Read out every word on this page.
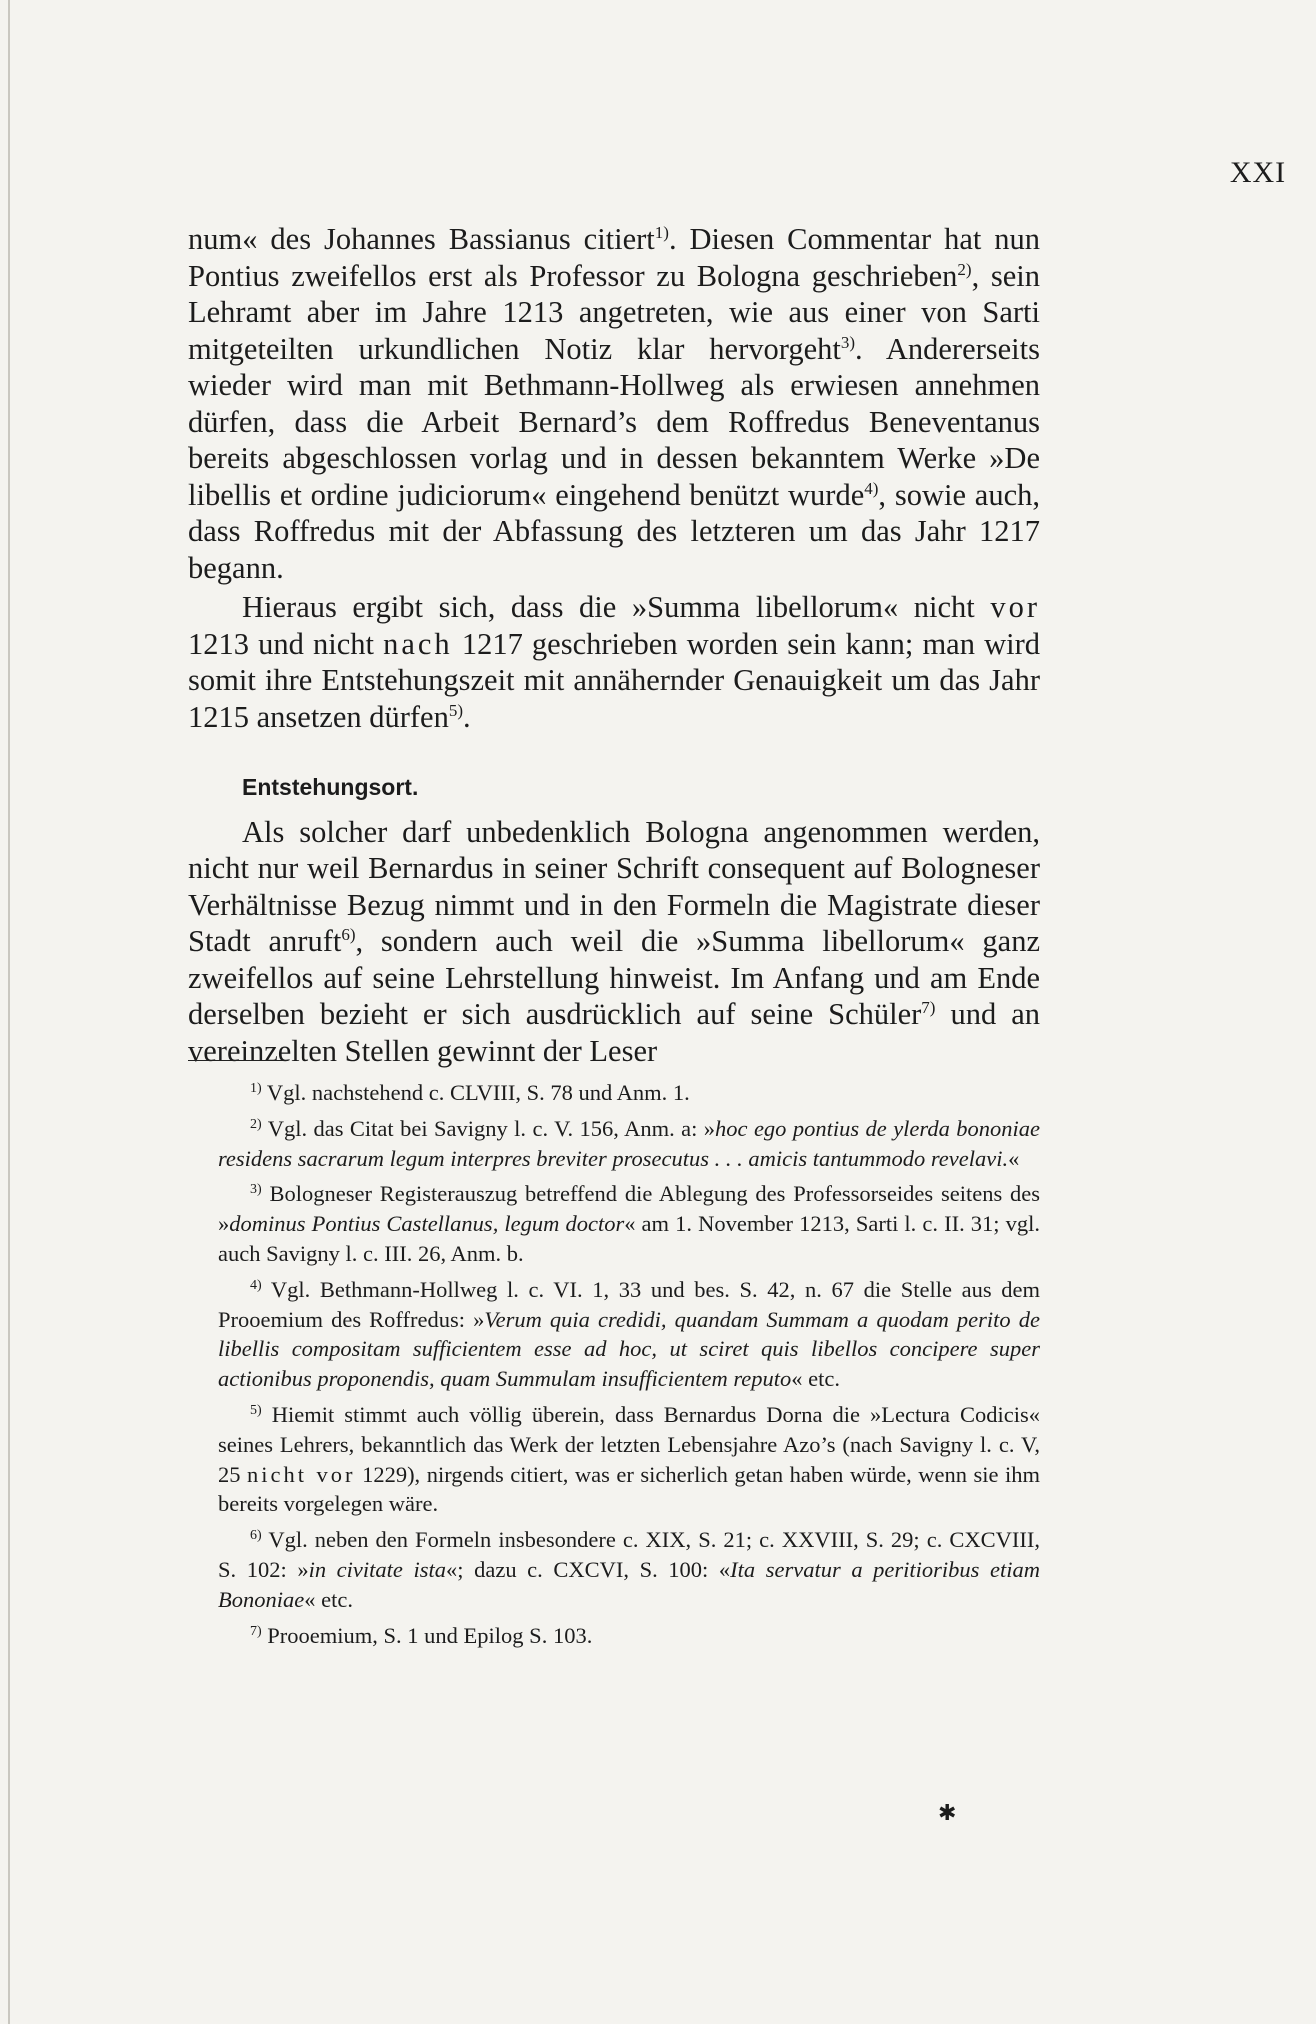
XXI

num« des Johannes Bassianus citiert$^{1)}$. Diesen Commentar hat nun Pontius zweifellos erst als Professor zu Bologna geschrieben$^{2)}$, sein Lehramt aber im Jahre 1213 angetreten, wie aus einer von Sarti mitgeteilten urkundlichen Notiz klar hervorgeht$^{3)}$. Andererseits wieder wird man mit Bethmann-Hollweg als erwiesen annehmen dürfen, dass die Arbeit Bernard’s dem Roffredus Beneventanus bereits abgeschlossen vorlag und in dessen bekanntem Werke »De libellis et ordine judiciorum« eingehend benützt wurde$^{4)}$, sowie auch, dass Roffredus mit der Abfassung des letzteren um das Jahr 1217 begann.

Hieraus ergibt sich, dass die »Summa libellorum« nicht vor 1213 und nicht nach 1217 geschrieben worden sein kann; man wird somit ihre Entstehungszeit mit annähernder Genauigkeit um das Jahr 1215 ansetzen dürfen$^{5)}$.

Entstehungsort.

Als solcher darf unbedenklich Bologna angenommen werden, nicht nur weil Bernardus in seiner Schrift consequent auf Bologneser Verhältnisse Bezug nimmt und in den Formeln die Magistrate dieser Stadt anruft$^{6)}$, sondern auch weil die »Summa libellorum« ganz zweifellos auf seine Lehrstellung hinweist. Im Anfang und am Ende derselben bezieht er sich ausdrücklich auf seine Schüler$^{7)}$ und an vereinzelten Stellen gewinnt der Leser

$^{1)}$ Vgl. nachstehend c. CLVIII, S. 78 und Anm. 1.

$^{2)}$ Vgl. das Citat bei Savigny l. c. V. 156, Anm. a: »hoc ego pontius de ylerda bononiae residens sacrarum legum interpres breviter prosecutus . . . amicis tantummodo revelavi.«

$^{3)}$ Bologneser Registerauszug betreffend die Ablegung des Professorseides seitens des »dominus Pontius Castellanus, legum doctor« am 1. November 1213, Sarti l. c. II. 31; vgl. auch Savigny l. c. III. 26, Anm. b.

$^{4)}$ Vgl. Bethmann-Hollweg l. c. VI. 1, 33 und bes. S. 42, n. 67 die Stelle aus dem Prooemium des Roffredus: »Verum quia credidi, quandam Summam a quodam perito de libellis compositam sufficientem esse ad hoc, ut sciret quis libellos concipere super actionibus proponendis, quam Summulam insufficientem reputo« etc.

$^{5)}$ Hiemit stimmt auch völlig überein, dass Bernardus Dorna die »Lectura Codicis« seines Lehrers, bekanntlich das Werk der letzten Lebensjahre Azo’s (nach Savigny l. c. V, 25 nicht vor 1229), nirgends citiert, was er sicherlich getan haben würde, wenn sie ihm bereits vorgelegen wäre.

$^{6)}$ Vgl. neben den Formeln insbesondere c. XIX, S. 21; c. XXVIII, S. 29; c. CXCVIII, S. 102: »in civitate ista«; dazu c. CXCVI, S. 100: «Ita servatur a peritioribus etiam Bononiae« etc.

$^{7)}$ Prooemium, S. 1 und Epilog S. 103.

✱
